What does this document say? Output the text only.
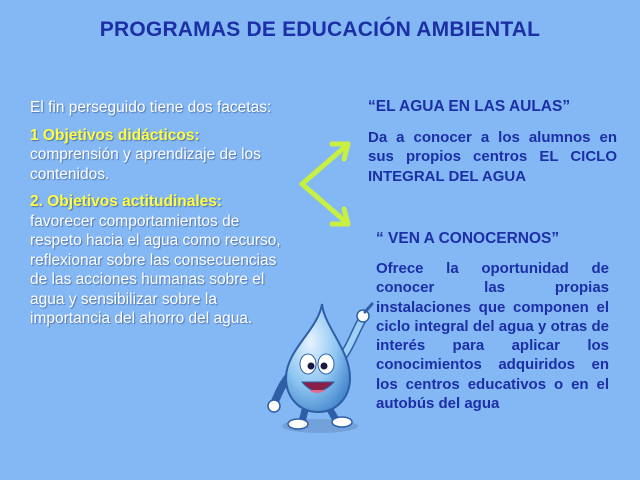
PROGRAMAS DE EDUCACIÓN AMBIENTAL

El fin perseguido tiene dos facetas:

1 Objetivos didácticos:
comprensión y aprendizaje de los contenidos.

2. Objetivos actitudinales:
favorecer comportamientos de respeto hacia el agua como recurso, reflexionar sobre las consecuencias de las acciones humanas sobre el agua y sensibilizar sobre la importancia del ahorro del agua.

“EL AGUA EN LAS AULAS”
Da a conocer a los alumnos en sus propios centros EL CICLO INTEGRAL DEL AGUA
“ VEN A CONOCERNOS”
Ofrece la oportunidad de conocer las propias instalaciones que componen el ciclo integral del agua y otras de interés para aplicar los conocimientos adquiridos en los centros educativos o en el autobús del agua
